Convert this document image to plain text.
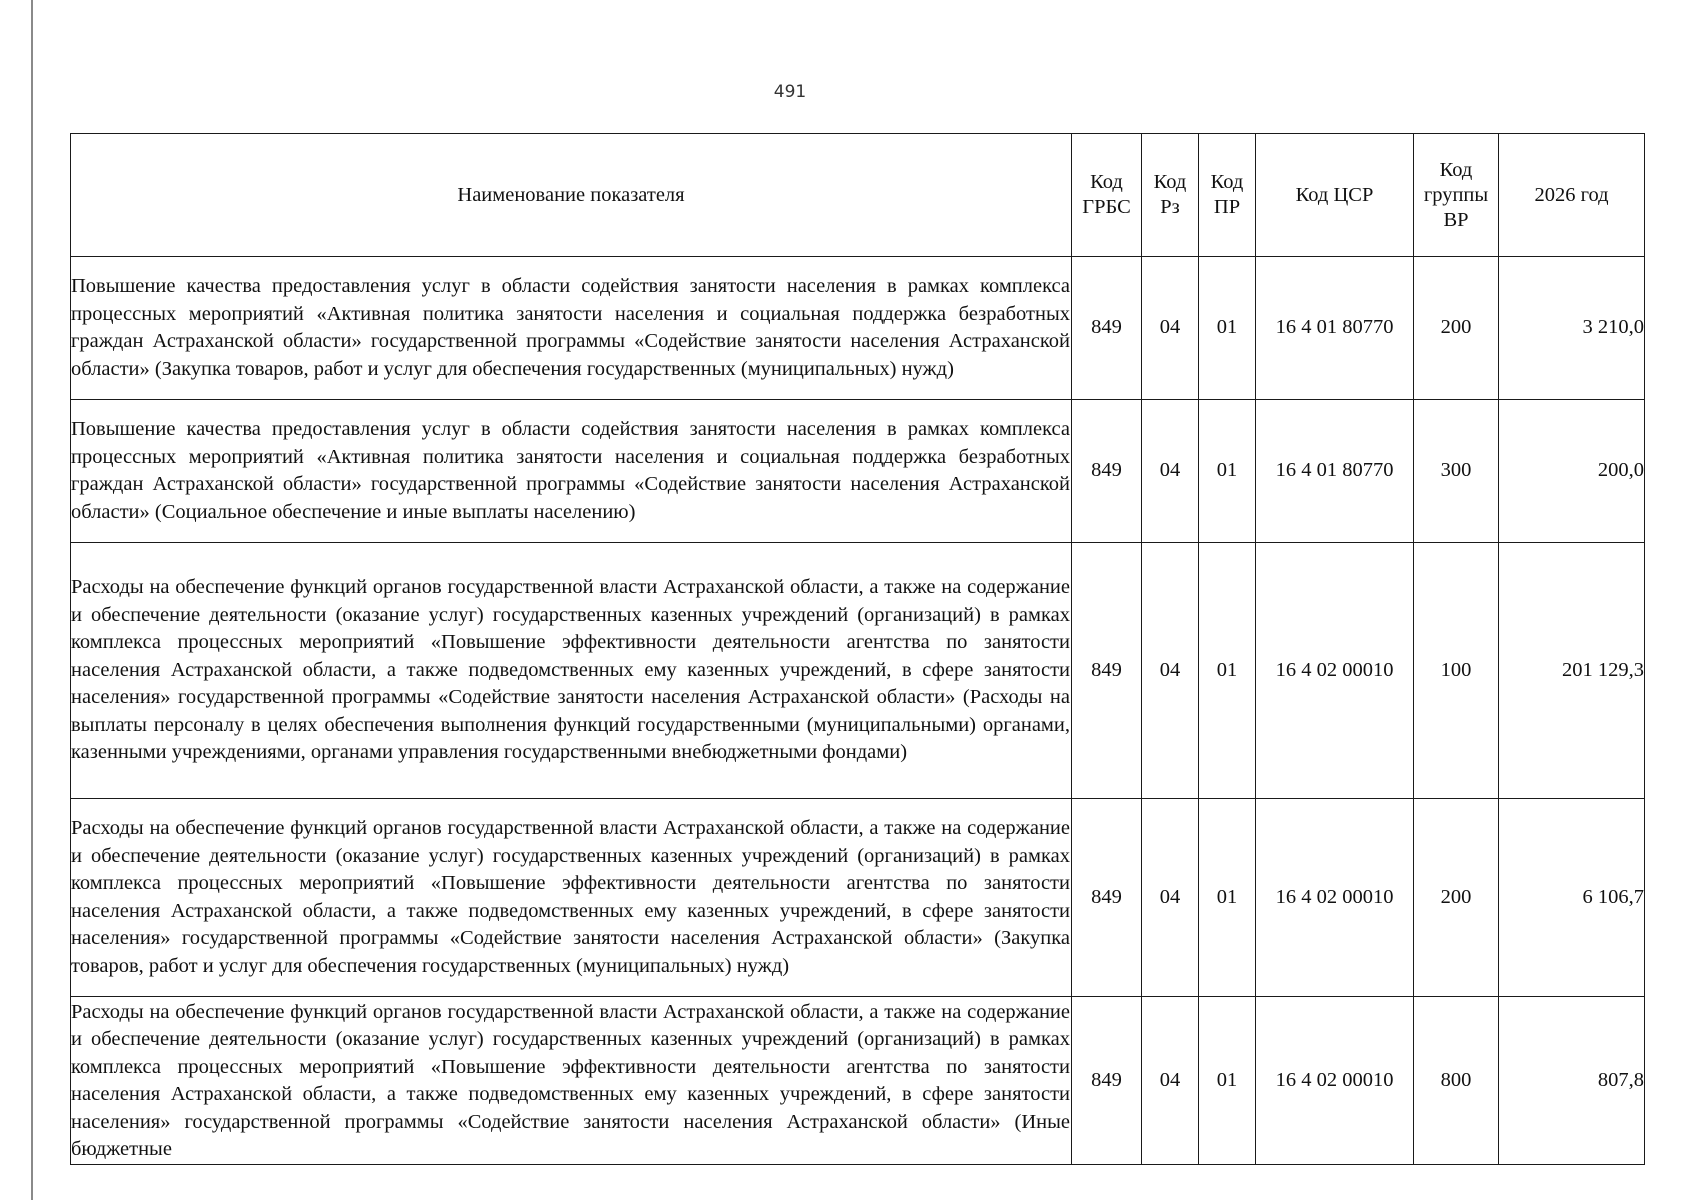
491
Наименование показателя	Код ГРБС	Код Рз	Код ПР	Код ЦСР	Код группы ВР	2026 год
Повышение качества предоставления услуг в области содействия занятости населения в рамках комплекса процессных мероприятий «Активная политика занятости населения и социальная поддержка безработных граждан Астраханской области» государственной программы «Содействие занятости населения Астраханской области» (Закупка товаров, работ и услуг для обеспечения государственных (муниципальных) нужд)	849	04	01	16 4 01 80770	200	3 210,0
Повышение качества предоставления услуг в области содействия занятости населения в рамках комплекса процессных мероприятий «Активная политика занятости населения и социальная поддержка безработных граждан Астраханской области» государственной программы «Содействие занятости населения Астраханской области» (Социальное обеспечение и иные выплаты населению)	849	04	01	16 4 01 80770	300	200,0
Расходы на обеспечение функций органов государственной власти Астраханской области, а также на содержание и обеспечение деятельности (оказание услуг) государственных казенных учреждений (организаций) в рамках комплекса процессных мероприятий «Повышение эффективности деятельности агентства по занятости населения Астраханской области, а также подведомственных ему казенных учреждений, в сфере занятости населения» государственной программы «Содействие занятости населения Астраханской области» (Расходы на выплаты персоналу в целях обеспечения выполнения функций государственными (муниципальными) органами, казенными учреждениями, органами управления государственными внебюджетными фондами)	849	04	01	16 4 02 00010	100	201 129,3
Расходы на обеспечение функций органов государственной власти Астраханской области, а также на содержание и обеспечение деятельности (оказание услуг) государственных казенных учреждений (организаций) в рамках комплекса процессных мероприятий «Повышение эффективности деятельности агентства по занятости населения Астраханской области, а также подведомственных ему казенных учреждений, в сфере занятости населения» государственной программы «Содействие занятости населения Астраханской области» (Закупка товаров, работ и услуг для обеспечения государственных (муниципальных) нужд)	849	04	01	16 4 02 00010	200	6 106,7

Расходы на обеспечение функций органов государственной власти Астраханской области, а также на содержание и обеспечение деятельности (оказание услуг) государственных казенных учреждений (организаций) в рамках комплекса процессных мероприятий «Повышение эффективности деятельности агентства по занятости населения Астраханской области, а также подведомственных ему казенных учреждений, в сфере занятости населения» государственной программы «Содействие занятости населения Астраханской области» (Иные бюджетные	849	04	01	16 4 02 00010	800	807,8
